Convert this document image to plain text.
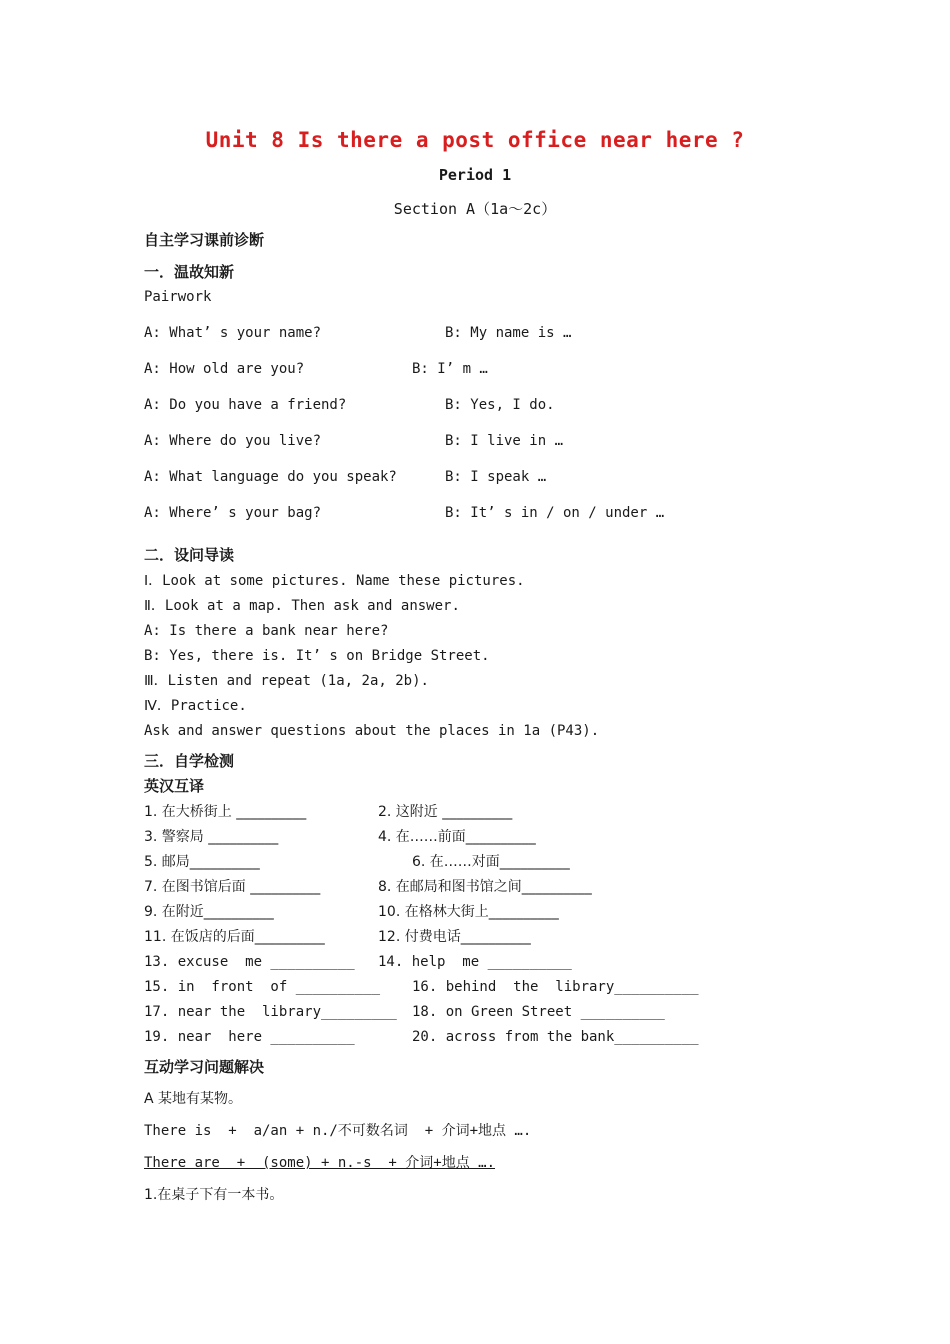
Unit 8 Is there a post office near here ?
Period 1
Section A（1a～2c）
自主学习课前诊断
一．温故知新
Pairwork
A: What’ s your name?	B: My name is …
A: How old are you?	B: I’ m …
A: Do you have a friend?	B: Yes, I do.
A: Where do you live?	B: I live in …
A: What language do you speak?	B: I speak …
A: Where’ s your bag?	B: It’ s in / on / under …
二．设问导读
Ⅰ．Look at some pictures. Name these pictures.
Ⅱ．Look at a map. Then ask and answer.
A: Is there a bank near here?
B: Yes, there is. It’ s on Bridge Street.
Ⅲ．Listen and repeat (1a, 2a, 2b).
Ⅳ．Practice.
Ask and answer questions about the places in 1a (P43).
三．自学检测
英汉互译
1. 在大桥街上 __________	2. 这附近 __________
3. 警察局 __________	4. 在……前面__________
5. 邮局__________	6. 在……对面__________
7. 在图书馆后面 __________	8. 在邮局和图书馆之间__________
9. 在附近__________	10. 在格林大街上__________
11. 在饭店的后面__________	12. 付费电话__________
13. excuse  me __________ 14. help  me __________
15. in  front  of __________ 16. behind  the  library__________
17. near the  library_________ 18. on Green Street __________
19. near  here __________	20. across from the bank__________
互动学习问题解决
A 某地有某物。
There is  +  a/an + n./不可数名词  + 介词+地点 ….
There are  +  (some) + n.-s  + 介词+地点 ….
1.在桌子下有一本书。
